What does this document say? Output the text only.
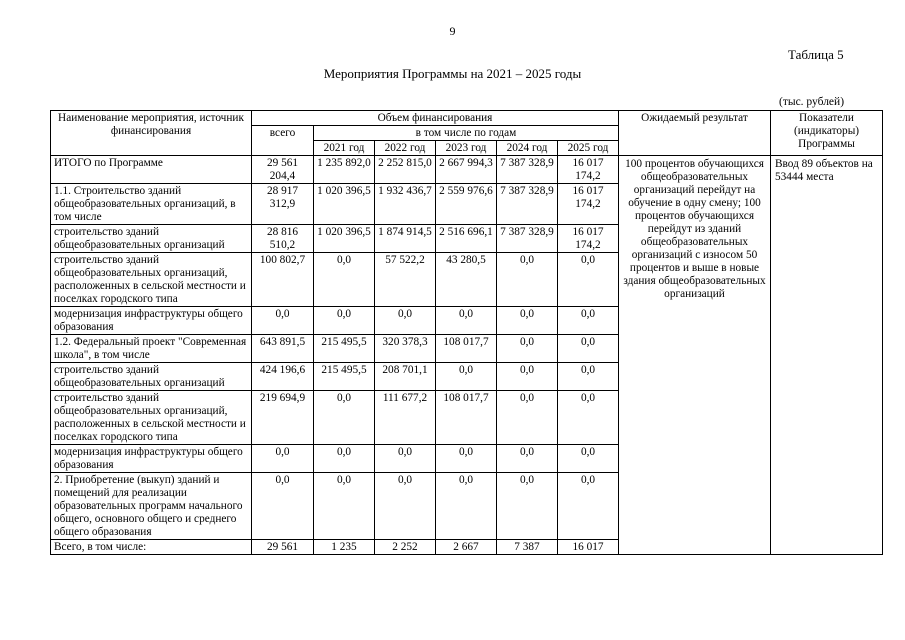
9
Таблица 5
Мероприятия Программы на 2021 – 2025 годы
(тыс. рублей)
Наименование мероприятия, источник финансирования	Объем финансирования						Ожидаемый результат	Показатели (индикаторы) Программы
	всего	в том числе по годам						
		2021 год	2022 год	2023 год	2024 год	2025 год		
ИТОГО по Программе	29 561 204,4	1 235 892,0	2 252 815,0	2 667 994,3	7 387 328,9	16 017 174,2	100 процентов обучающихся общеобразовательных организаций перейдут на обучение в одну смену; 100 процентов обучающихся перейдут из зданий общеобразовательных организаций с износом 50 процентов и выше в новые здания общеобразовательных организаций	Ввод 89 объектов на 53444 места
1.1. Строительство зданий общеобразовательных организаций, в том числе	28 917 312,9	1 020 396,5	1 932 436,7	2 559 976,6	7 387 328,9	16 017 174,2		
строительство зданий общеобразовательных организаций	28 816 510,2	1 020 396,5	1 874 914,5	2 516 696,1	7 387 328,9	16 017 174,2		
строительство зданий общеобразовательных организаций, расположенных в сельской местности и поселках городского типа	100 802,7	0,0	57 522,2	43 280,5	0,0	0,0		
модернизация инфраструктуры общего образования	0,0	0,0	0,0	0,0	0,0	0,0		
1.2. Федеральный проект "Современная школа", в том числе	643 891,5	215 495,5	320 378,3	108 017,7	0,0	0,0		
строительство зданий общеобразовательных организаций	424 196,6	215 495,5	208 701,1	0,0	0,0	0,0		
строительство зданий общеобразовательных организаций, расположенных в сельской местности и поселках городского типа	219 694,9	0,0	111 677,2	108 017,7	0,0	0,0		
модернизация инфраструктуры общего образования	0,0	0,0	0,0	0,0	0,0	0,0		
2. Приобретение (выкуп) зданий и помещений для реализации образовательных программ начального общего, основного общего и среднего общего образования	0,0	0,0	0,0	0,0	0,0	0,0		
Всего, в том числе:	29 561	1 235	2 252	2 667	7 387	16 017		
